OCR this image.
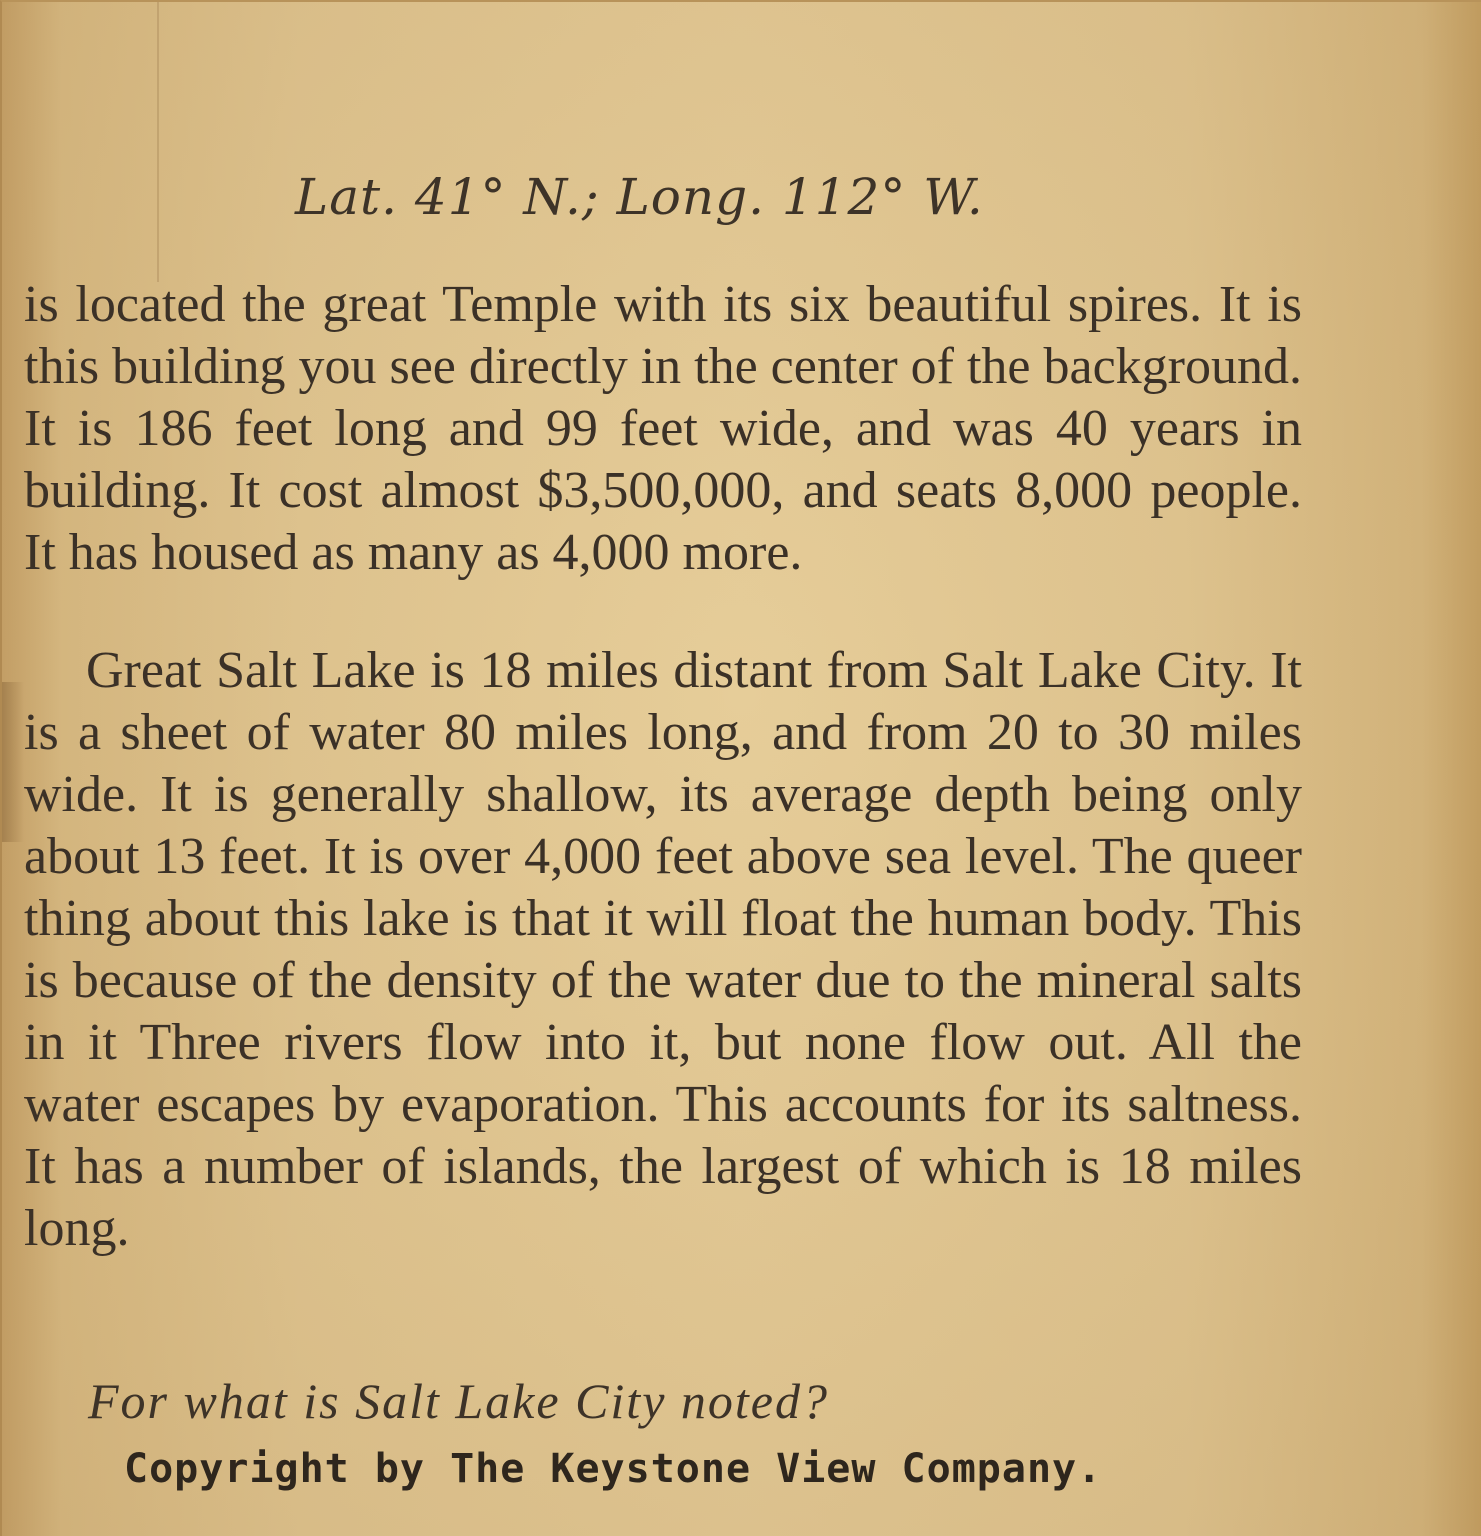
Lat. 41° N.; Long. 112° W.

is located the great Temple with its six beautiful spires. It is this building you see directly in the center of the background. It is 186 feet long and 99 feet wide, and was 40 years in building. It cost almost $3,500,000, and seats 8,000 people. It has housed as many as 4,000 more.

Great Salt Lake is 18 miles distant from Salt Lake City. It is a sheet of water 80 miles long, and from 20 to 30 miles wide. It is generally shallow, its average depth being only about 13 feet. It is over 4,000 feet above sea level. The queer thing about this lake is that it will float the human body. This is because of the density of the water due to the mineral salts in it Three rivers flow into it, but none flow out. All the water escapes by evaporation. This accounts for its saltness. It has a number of islands, the largest of which is 18 miles long.

For what is Salt Lake City noted?
Copyright by The Keystone View Company.
